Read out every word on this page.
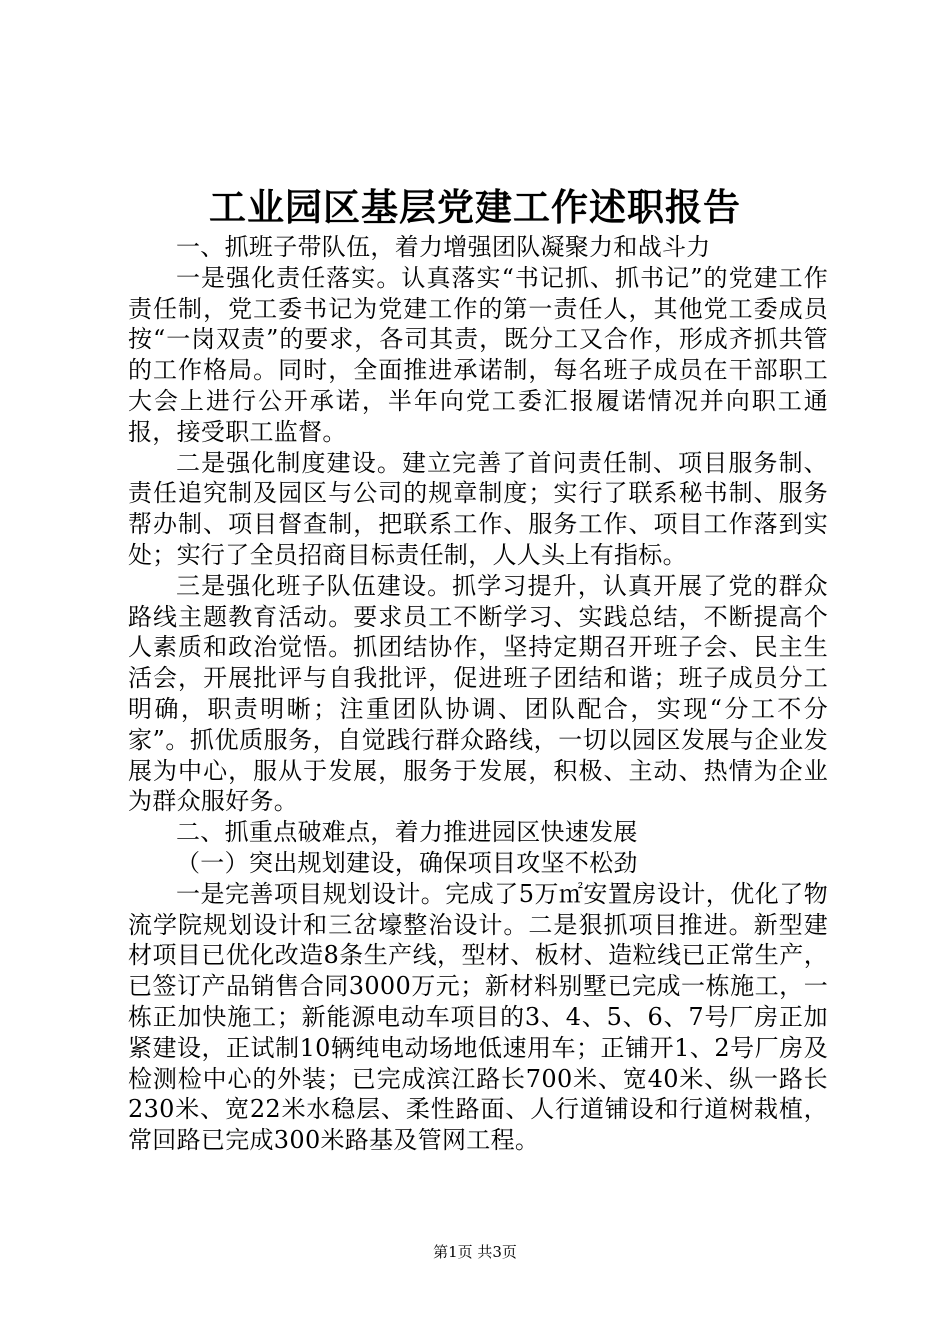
工业园区基层党建工作述职报告

一、抓班子带队伍，着力增强团队凝聚力和战斗力

一是强化责任落实。认真落实“书记抓、抓书记”的党建工作责任制，党工委书记为党建工作的第一责任人，其他党工委成员按“一岗双责”的要求，各司其责，既分工又合作，形成齐抓共管的工作格局。同时，全面推进承诺制，每名班子成员在干部职工大会上进行公开承诺，半年向党工委汇报履诺情况并向职工通报，接受职工监督。

二是强化制度建设。建立完善了首问责任制、项目服务制、责任追究制及园区与公司的规章制度；实行了联系秘书制、服务帮办制、项目督查制，把联系工作、服务工作、项目工作落到实处；实行了全员招商目标责任制，人人头上有指标。

三是强化班子队伍建设。抓学习提升，认真开展了党的群众路线主题教育活动。要求员工不断学习、实践总结，不断提高个人素质和政治觉悟。抓团结协作，坚持定期召开班子会、民主生活会，开展批评与自我批评，促进班子团结和谐；班子成员分工明确，职责明晰；注重团队协调、团队配合，实现“分工不分家”。抓优质服务，自觉践行群众路线，一切以园区发展与企业发展为中心，服从于发展，服务于发展，积极、主动、热情为企业为群众服好务。

二、抓重点破难点，着力推进园区快速发展

（一）突出规划建设，确保项目攻坚不松劲

一是完善项目规划设计。完成了5万㎡安置房设计，优化了物流学院规划设计和三岔壕整治设计。二是狠抓项目推进。新型建材项目已优化改造8条生产线，型材、板材、造粒线已正常生产，已签订产品销售合同3000万元；新材料别墅已完成一栋施工，一栋正加快施工；新能源电动车项目的3、4、5、6、7号厂房正加紧建设，正试制10辆纯电动场地低速用车；正铺开1、2号厂房及检测检中心的外装；已完成滨江路长700米、宽40米、纵一路长230米、宽22米水稳层、柔性路面、人行道铺设和行道树栽植，常回路已完成300米路基及管网工程。

第1页 共3页
